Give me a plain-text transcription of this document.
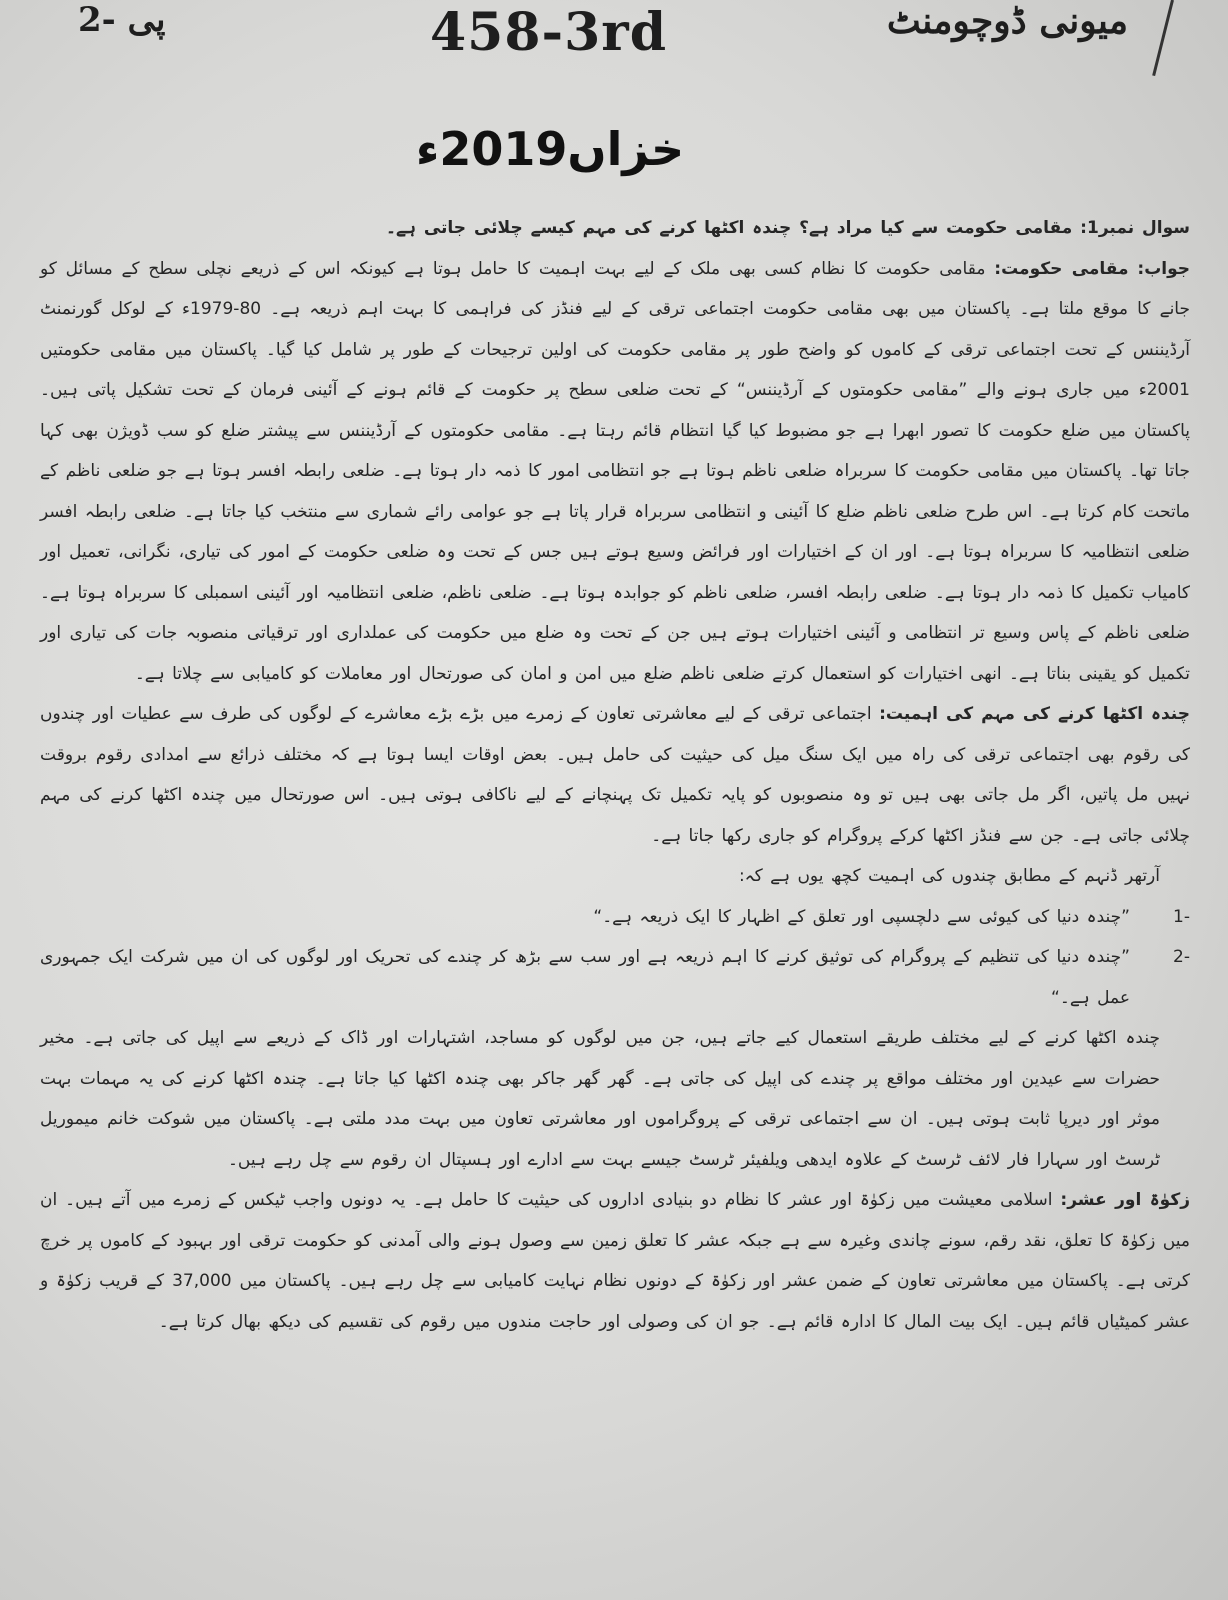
پی -2	458-3rd	میونی ڈوچومنٹ
خزاں2019ء

سوال نمبر1: مقامی حکومت سے کیا مراد ہے؟ چندہ اکٹھا کرنے کی مہم کیسے چلائی جاتی ہے۔

جواب: مقامی حکومت: مقامی حکومت کا نظام کسی بھی ملک کے لیے بہت اہمیت کا حامل ہوتا ہے کیونکہ اس کے ذریعے نچلی سطح کے مسائل کو جانے کا موقع ملتا ہے۔ پاکستان میں بھی مقامی حکومت اجتماعی ترقی کے لیے فنڈز کی فراہمی کا بہت اہم ذریعہ ہے۔ 80-1979ء کے لوکل گورنمنٹ آرڈیننس کے تحت اجتماعی ترقی کے کاموں کو واضح طور پر مقامی حکومت کی اولین ترجیحات کے طور پر شامل کیا گیا۔ پاکستان میں مقامی حکومتیں 2001ء میں جاری ہونے والے ”مقامی حکومتوں کے آرڈیننس“ کے تحت ضلعی سطح پر حکومت کے قائم ہونے کے آئینی فرمان کے تحت تشکیل پاتی ہیں۔ پاکستان میں ضلع حکومت کا تصور ابھرا ہے جو مضبوط کیا گیا انتظام قائم رہتا ہے۔ مقامی حکومتوں کے آرڈیننس سے پیشتر ضلع کو سب ڈویژن بھی کہا جاتا تھا۔ پاکستان میں مقامی حکومت کا سربراہ ضلعی ناظم ہوتا ہے جو انتظامی امور کا ذمہ دار ہوتا ہے۔ ضلعی رابطہ افسر ہوتا ہے جو ضلعی ناظم کے ماتحت کام کرتا ہے۔ اس طرح ضلعی ناظم ضلع کا آئینی و انتظامی سربراہ قرار پاتا ہے جو عوامی رائے شماری سے منتخب کیا جاتا ہے۔ ضلعی رابطہ افسر ضلعی انتظامیہ کا سربراہ ہوتا ہے۔ اور ان کے اختیارات اور فرائض وسیع ہوتے ہیں جس کے تحت وہ ضلعی حکومت کے امور کی تیاری، نگرانی، تعمیل اور کامیاب تکمیل کا ذمہ دار ہوتا ہے۔ ضلعی رابطہ افسر، ضلعی ناظم کو جوابدہ ہوتا ہے۔ ضلعی ناظم، ضلعی انتظامیہ اور آئینی اسمبلی کا سربراہ ہوتا ہے۔ ضلعی ناظم کے پاس وسیع تر انتظامی و آئینی اختیارات ہوتے ہیں جن کے تحت وہ ضلع میں حکومت کی عملداری اور ترقیاتی منصوبہ جات کی تیاری اور تکمیل کو یقینی بناتا ہے۔ انھی اختیارات کو استعمال کرتے ضلعی ناظم ضلع میں امن و امان کی صورتحال اور معاملات کو کامیابی سے چلاتا ہے۔

چندہ اکٹھا کرنے کی مہم کی اہمیت: اجتماعی ترقی کے لیے معاشرتی تعاون کے زمرے میں بڑے بڑے معاشرے کے لوگوں کی طرف سے عطیات اور چندوں کی رقوم بھی اجتماعی ترقی کی راہ میں ایک سنگ میل کی حیثیت کی حامل ہیں۔ بعض اوقات ایسا ہوتا ہے کہ مختلف ذرائع سے امدادی رقوم بروقت نہیں مل پاتیں، اگر مل جاتی بھی ہیں تو وہ منصوبوں کو پایہ تکمیل تک پہنچانے کے لیے ناکافی ہوتی ہیں۔ اس صورتحال میں چندہ اکٹھا کرنے کی مہم چلائی جاتی ہے۔ جن سے فنڈز اکٹھا کرکے پروگرام کو جاری رکھا جاتا ہے۔

آرتھر ڈنہم کے مطابق چندوں کی اہمیت کچھ یوں ہے کہ:

-1
”چندہ دنیا کی کیوئی سے دلچسپی اور تعلق کے اظہار کا ایک ذریعہ ہے۔“

-2
”چندہ دنیا کی تنظیم کے پروگرام کی توثیق کرنے کا اہم ذریعہ ہے اور سب سے بڑھ کر چندے کی تحریک اور لوگوں کی ان میں شرکت ایک جمہوری عمل ہے۔“

چندہ اکٹھا کرنے کے لیے مختلف طریقے استعمال کیے جاتے ہیں، جن میں لوگوں کو مساجد، اشتہارات اور ڈاک کے ذریعے سے اپیل کی جاتی ہے۔ مخیر حضرات سے عیدین اور مختلف مواقع پر چندے کی اپیل کی جاتی ہے۔ گھر گھر جاکر بھی چندہ اکٹھا کیا جاتا ہے۔ چندہ اکٹھا کرنے کی یہ مہمات بہت موثر اور دیرپا ثابت ہوتی ہیں۔ ان سے اجتماعی ترقی کے پروگراموں اور معاشرتی تعاون میں بہت مدد ملتی ہے۔ پاکستان میں شوکت خانم میموریل ٹرسٹ اور سہارا فار لائف ٹرسٹ کے علاوہ ایدھی ویلفیئر ٹرسٹ جیسے بہت سے ادارے اور ہسپتال ان رقوم سے چل رہے ہیں۔

زکوٰۃ اور عشر: اسلامی معیشت میں زکوٰۃ اور عشر کا نظام دو بنیادی اداروں کی حیثیت کا حامل ہے۔ یہ دونوں واجب ٹیکس کے زمرے میں آتے ہیں۔ ان میں زکوٰۃ کا تعلق، نقد رقم، سونے چاندی وغیرہ سے ہے جبکہ عشر کا تعلق زمین سے وصول ہونے والی آمدنی کو حکومت ترقی اور بہبود کے کاموں پر خرچ کرتی ہے۔ پاکستان میں معاشرتی تعاون کے ضمن عشر اور زکوٰۃ کے دونوں نظام نہایت کامیابی سے چل رہے ہیں۔ پاکستان میں 37,000 کے قریب زکوٰۃ و عشر کمیٹیاں قائم ہیں۔ ایک بیت المال کا ادارہ قائم ہے۔ جو ان کی وصولی اور حاجت مندوں میں رقوم کی تقسیم کی دیکھ بھال کرتا ہے۔
